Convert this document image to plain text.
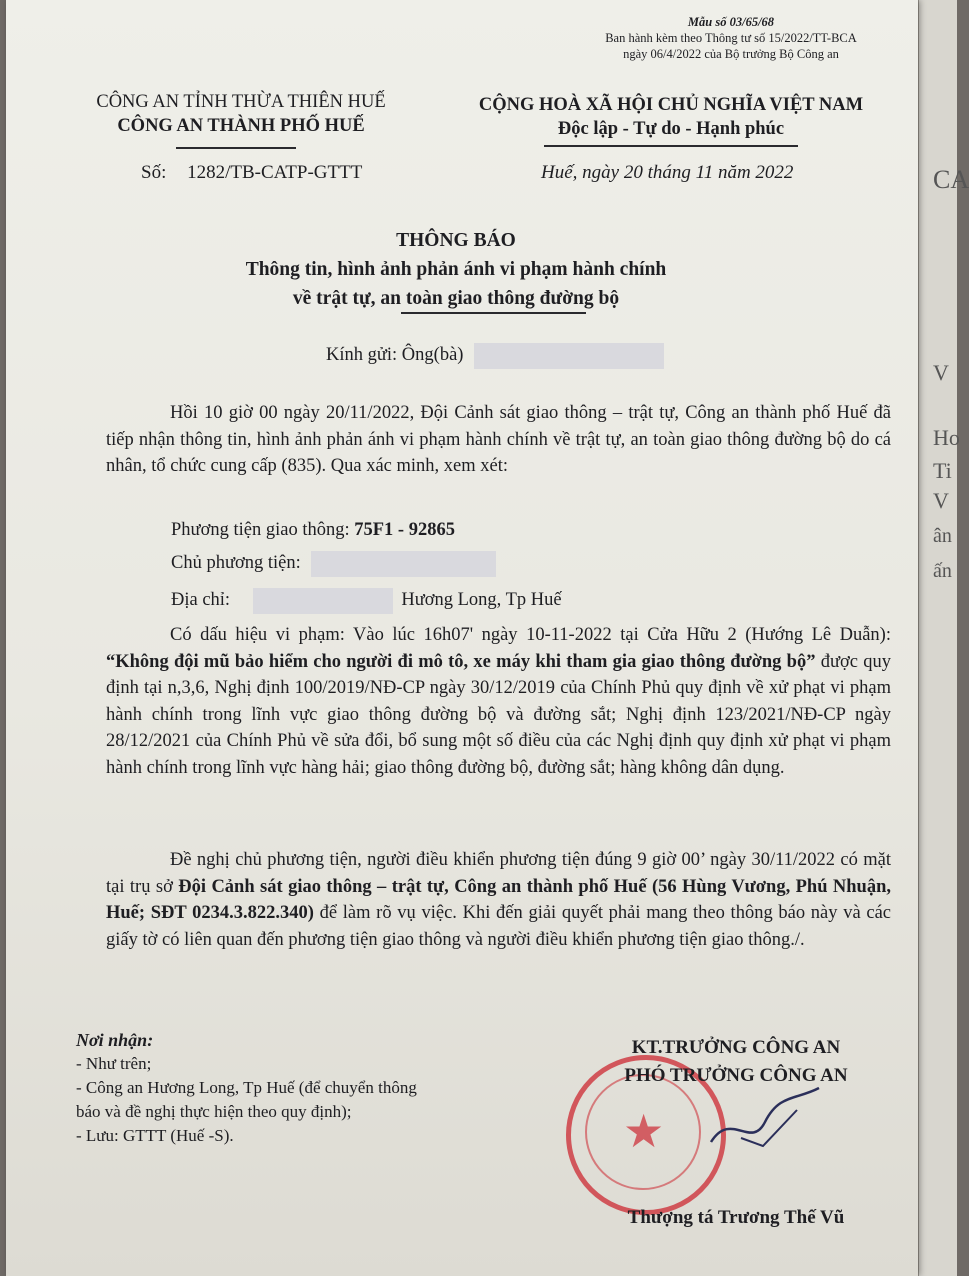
CA
V
Ho
Ti
V
ân
ấn
Mẫu số 03/65/68
Ban hành kèm theo Thông tư số 15/2022/TT-BCA
ngày 06/4/2022 của Bộ trưởng Bộ Công an
CÔNG AN TỈNH THỪA THIÊN HUẾ
CÔNG AN THÀNH PHỐ HUẾ
Số: 1282/TB-CATP-GTTT
CỘNG HOÀ XÃ HỘI CHỦ NGHĨA VIỆT NAM
Độc lập - Tự do - Hạnh phúc
Huế, ngày 20 tháng 11 năm 2022
THÔNG BÁO
Thông tin, hình ảnh phản ánh vi phạm hành chính
về trật tự, an toàn giao thông đường bộ
Kính gửi: Ông(bà)
Hồi 10 giờ 00 ngày 20/11/2022, Đội Cảnh sát giao thông – trật tự, Công an thành phố Huế đã tiếp nhận thông tin, hình ảnh phản ánh vi phạm hành chính về trật tự, an toàn giao thông đường bộ do cá nhân, tổ chức cung cấp (835). Qua xác minh, xem xét:
Phương tiện giao thông: 75F1 - 92865
Chủ phương tiện:
Địa chỉ:	Hương Long, Tp Huế
Có dấu hiệu vi phạm: Vào lúc 16h07' ngày 10-11-2022 tại Cửa Hữu 2 (Hướng Lê Duẫn): “Không đội mũ bảo hiểm cho người đi mô tô, xe máy khi tham gia giao thông đường bộ” được quy định tại n,3,6, Nghị định 100/2019/NĐ-CP ngày 30/12/2019 của Chính Phủ quy định về xử phạt vi phạm hành chính trong lĩnh vực giao thông đường bộ và đường sắt; Nghị định 123/2021/NĐ-CP ngày 28/12/2021 của Chính Phủ về sửa đổi, bổ sung một số điều của các Nghị định quy định xử phạt vi phạm hành chính trong lĩnh vực hàng hải; giao thông đường bộ, đường sắt; hàng không dân dụng.
Đề nghị chủ phương tiện, người điều khiển phương tiện đúng 9 giờ 00’ ngày 30/11/2022 có mặt tại trụ sở Đội Cảnh sát giao thông – trật tự, Công an thành phố Huế (56 Hùng Vương, Phú Nhuận, Huế; SĐT 0234.3.822.340) để làm rõ vụ việc. Khi đến giải quyết phải mang theo thông báo này và các giấy tờ có liên quan đến phương tiện giao thông và người điều khiển phương tiện giao thông./.
Nơi nhận:
- Như trên;
- Công an Hương Long, Tp Huế (để chuyển thông
báo và đề nghị thực hiện theo quy định);
- Lưu: GTTT (Huế -S).	★
KT.TRƯỞNG CÔNG AN
PHÓ TRƯỞNG CÔNG AN
Thượng tá Trương Thế Vũ
